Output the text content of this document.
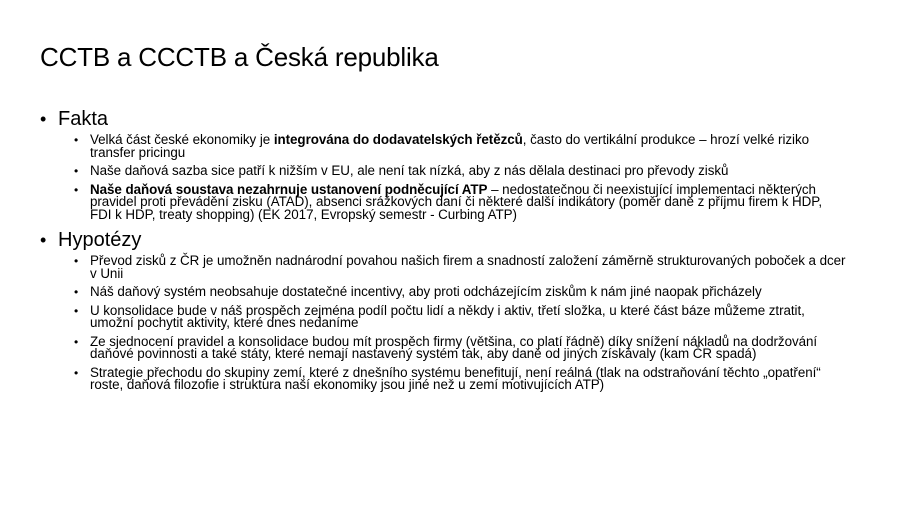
CCTB a CCCTB a Česká republika
• Fakta
• Velká část české ekonomiky je integrována do dodavatelských řetězců, často do vertikální produkce – hrozí velké riziko transfer pricingu
• Naše daňová sazba sice patří k nižším v EU, ale není tak nízká, aby z nás dělala destinaci pro převody zisků
• Naše daňová soustava nezahrnuje ustanovení podněcující ATP – nedostatečnou či neexistující implementaci některých pravidel proti převádění zisku (ATAD), absenci srážkových daní či některé další indikátory (poměr daně z příjmu firem k HDP, FDI k HDP, treaty shopping) (EK 2017, Evropský semestr - Curbing ATP)
• Hypotézy
• Převod zisků z ČR je umožněn nadnárodní povahou našich firem a snadností založení záměrně strukturovaných poboček a dcer v Unii
• Náš daňový systém neobsahuje dostatečné incentivy, aby proti odcházejícím ziskům k nám jiné naopak přicházely
• U konsolidace bude v náš prospěch zejména podíl počtu lidí a někdy i aktiv, třetí složka, u které část báze můžeme ztratit, umožní pochytit aktivity, které dnes nedaníme
• Ze sjednocení pravidel a konsolidace budou mít prospěch firmy (většina, co platí řádně) díky snížení nákladů na dodržování daňové povinnosti a také státy, které nemají nastavený systém tak, aby daně od jiných získávaly (kam ČR spadá)
• Strategie přechodu do skupiny zemí, které z dnešního systému benefitují, není reálná (tlak na odstraňování těchto „opatření“ roste, daňová filozofie i struktura naší ekonomiky jsou jiné než u zemí motivujících ATP)
